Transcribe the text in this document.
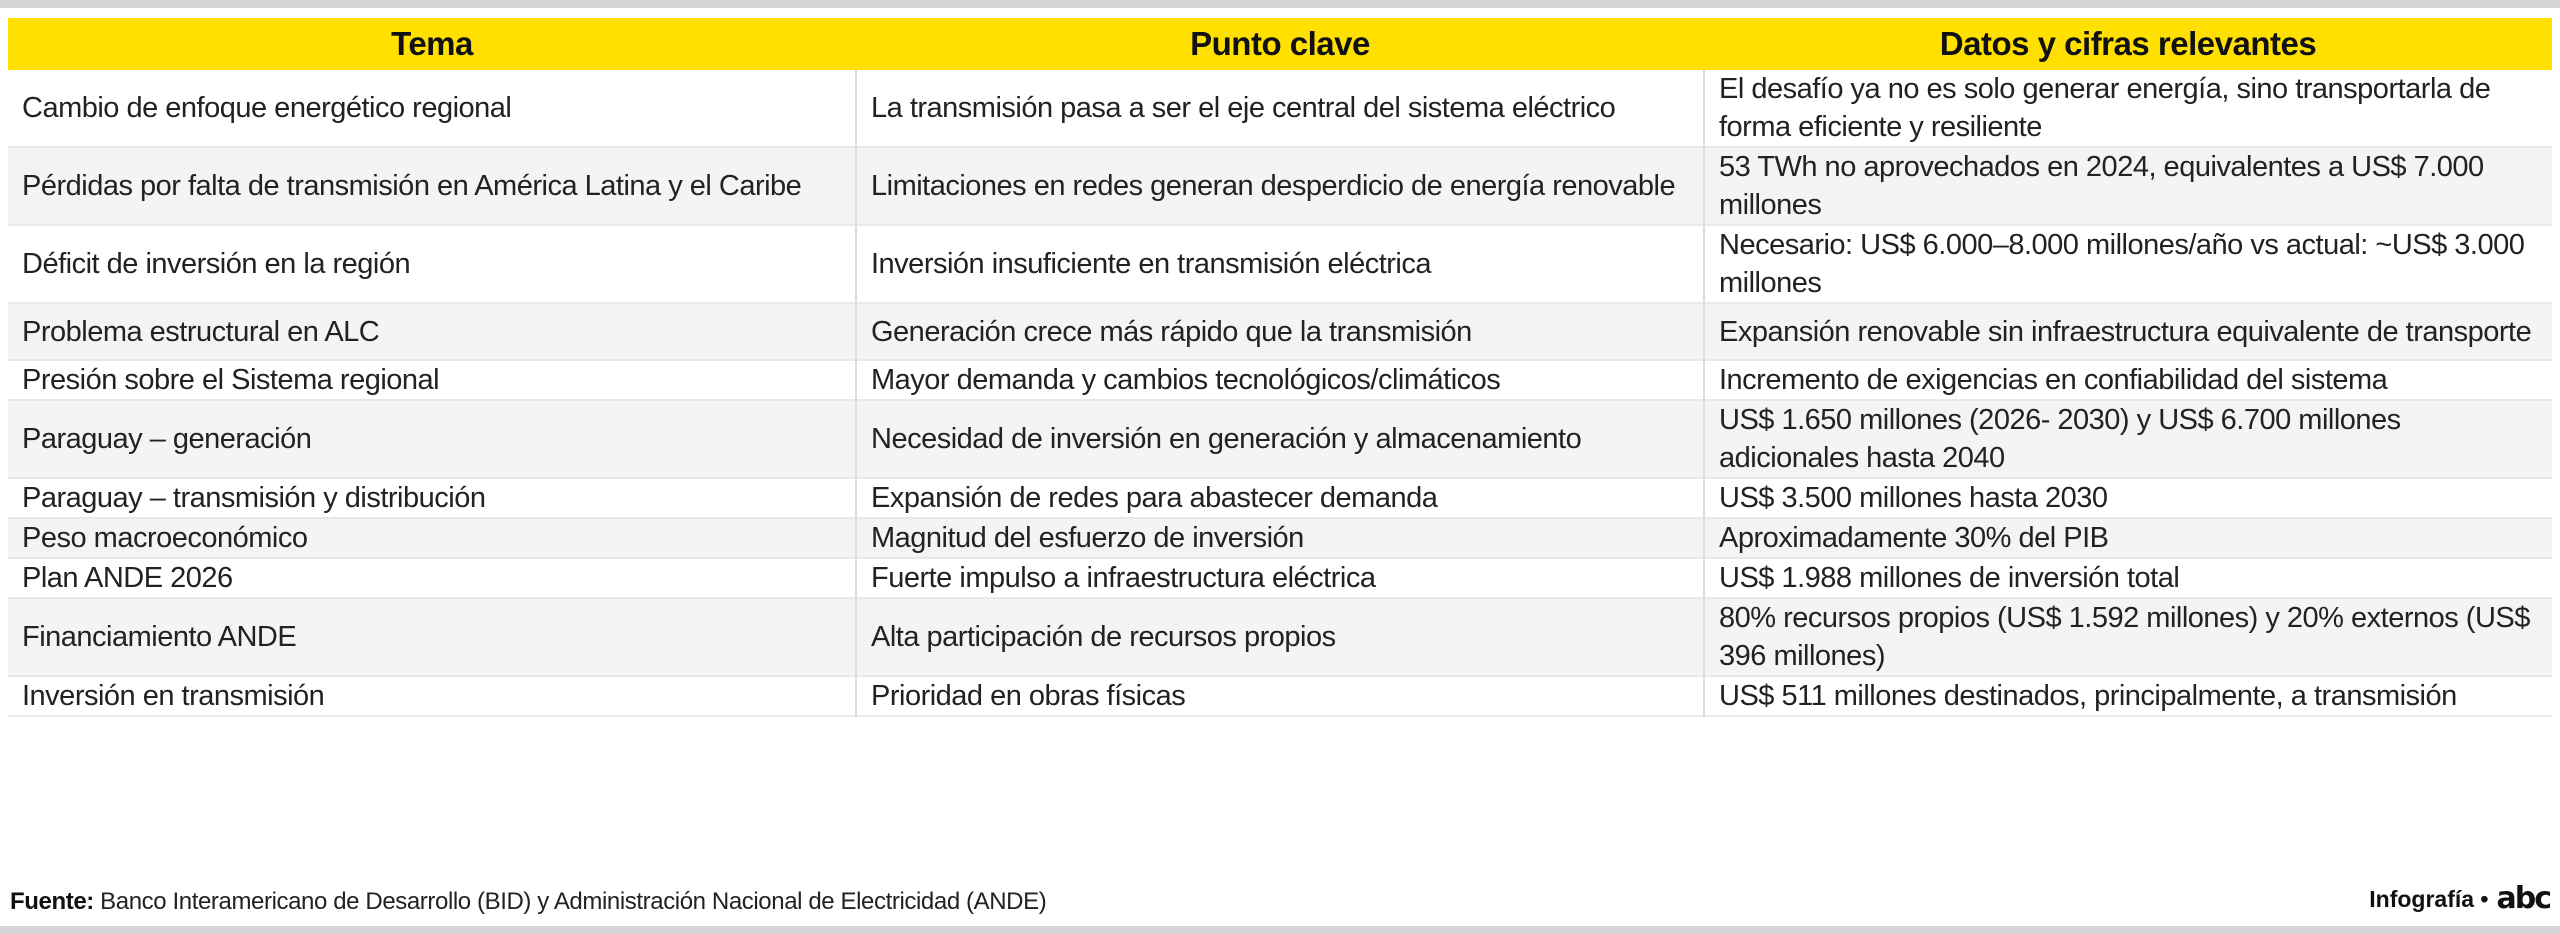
Tema	Punto clave	Datos y cifras relevantes
Cambio de enfoque energético regional	La transmisión pasa a ser el eje central del sistema eléctrico	El desafío ya no es solo generar energía, sino transportarla de forma eficiente y resiliente
Pérdidas por falta de transmisión en América Latina y el Caribe	Limitaciones en redes generan desperdicio de energía renovable	53 TWh no aprovechados en 2024, equivalentes a US$ 7.000 millones
Déficit de inversión en la región	Inversión insuficiente en transmisión eléctrica	Necesario: US$ 6.000–8.000 millones/año vs actual: ~US$ 3.000 millones
Problema estructural en ALC	Generación crece más rápido que la transmisión	Expansión renovable sin infraestructura equivalente de transporte
Presión sobre el Sistema regional	Mayor demanda y cambios tecnológicos/climáticos	Incremento de exigencias en confiabilidad del sistema
Paraguay – generación	Necesidad de inversión en generación y almacenamiento	US$ 1.650 millones (2026- 2030) y US$ 6.700 millones adicionales hasta 2040
Paraguay – transmisión y distribución	Expansión de redes para abastecer demanda	US$ 3.500 millones hasta 2030
Peso macroeconómico	Magnitud del esfuerzo de inversión	Aproximadamente 30% del PIB
Plan ANDE 2026	Fuerte impulso a infraestructura eléctrica	US$ 1.988 millones de inversión total
Financiamiento ANDE	Alta participación de recursos propios	80% recursos propios (US$ 1.592 millones) y 20% externos (US$ 396 millones)
Inversión en transmisión	Prioridad en obras físicas	US$ 511 millones destinados, principalmente, a transmisión
Fuente: Banco Interamericano de Desarrollo (BID) y Administración Nacional de Electricidad (ANDE)	Infografía • abc
